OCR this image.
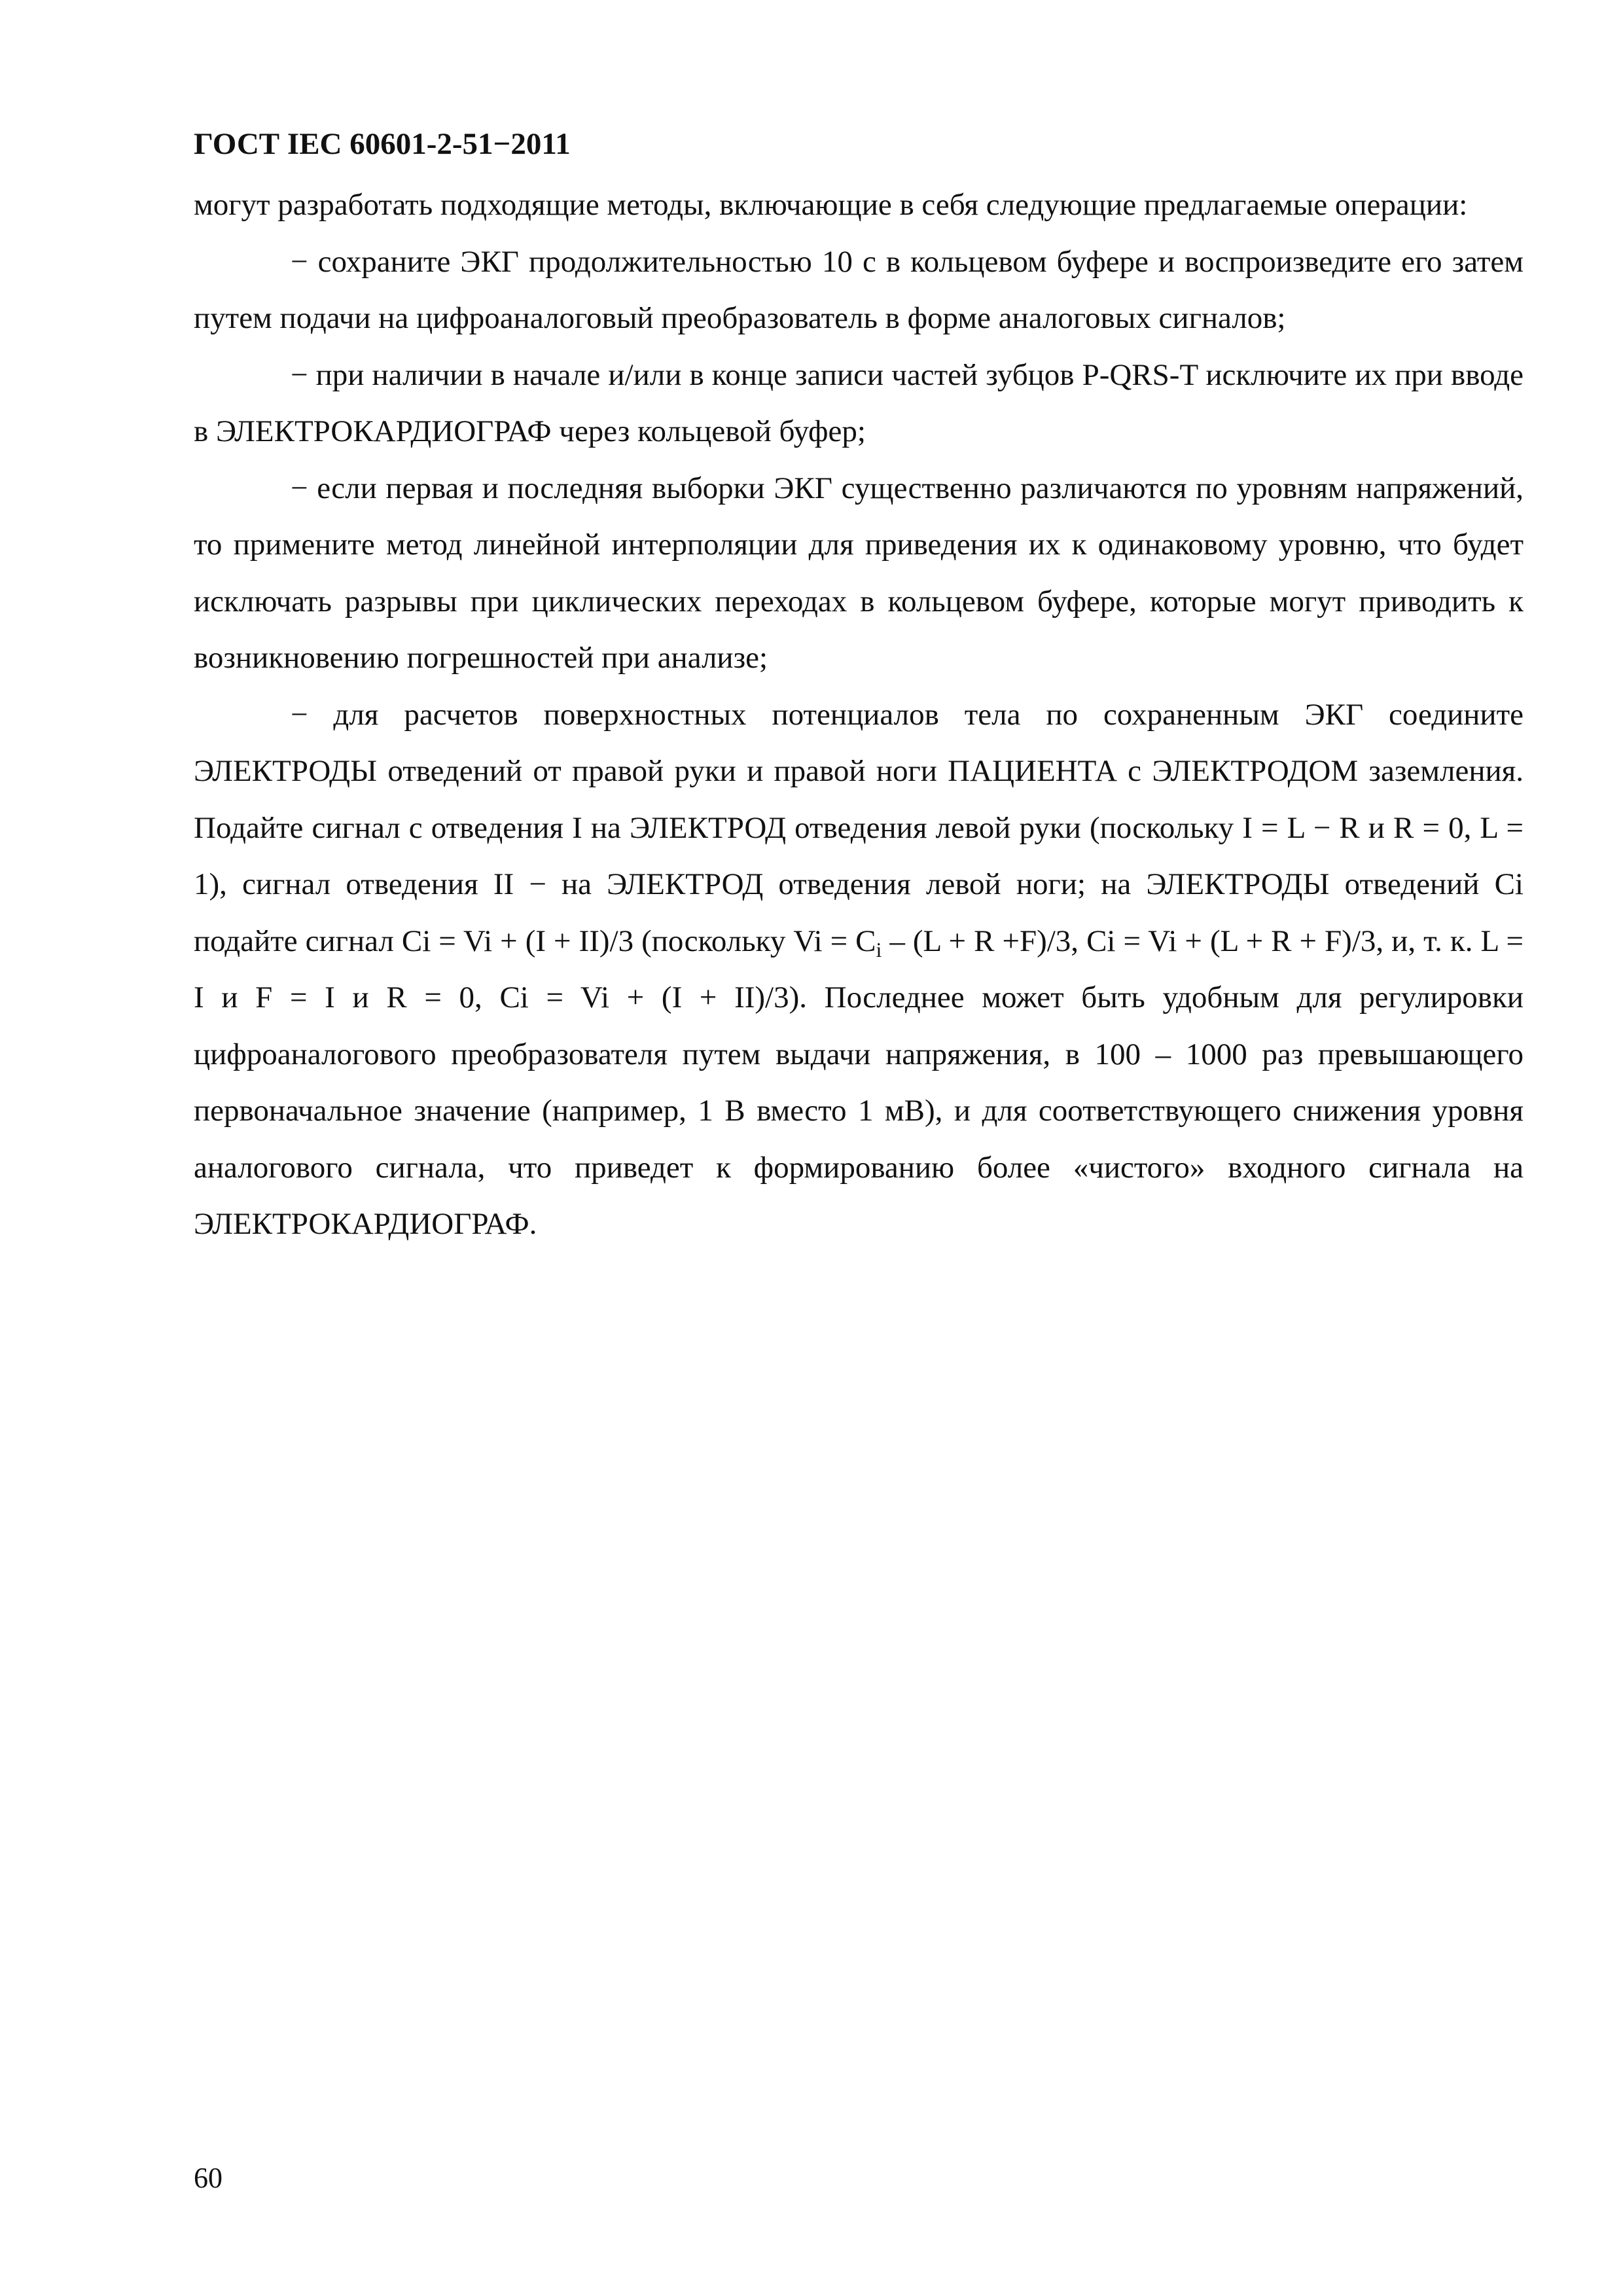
ГОСТ IEC 60601-2-51−2011

могут разработать подходящие методы, включающие в себя следующие предлагаемые операции:

− сохраните ЭКГ продолжительностью 10 с в кольцевом буфере и воспроизведите его затем путем подачи на цифроаналоговый преобразователь в форме аналоговых сигналов;

− при наличии в начале и/или в конце записи частей зубцов P-QRS-T исключите их при вводе в ЭЛЕКТРОКАРДИОГРАФ через кольцевой буфер;

− если первая и последняя выборки ЭКГ существенно различаются по уровням напряжений, то примените метод линейной интерполяции для приведения их к одинаковому уровню, что будет исключать разрывы при циклических переходах в кольцевом буфере, которые могут приводить к возникновению погрешностей при анализе;

− для расчетов поверхностных потенциалов тела по сохраненным ЭКГ соедините ЭЛЕКТРОДЫ отведений от правой руки и правой ноги ПАЦИЕНТА с ЭЛЕКТРОДОМ заземления. Подайте сигнал с отведения I на ЭЛЕКТРОД отведения левой руки (поскольку I = L − R и R = 0, L = 1), сигнал отведения II − на ЭЛЕКТРОД отведения левой ноги; на ЭЛЕКТРОДЫ отведений Ci подайте сигнал Ci = Vi + (I + II)/3 (поскольку $Vi = C_i - (L + R +F)/3$, Ci = Vi + (L + R + F)/3, и, т. к. L = I и F = I и R = 0, Ci = Vi + (I + II)/3). Последнее может быть удобным для регулировки цифроаналогового преобразователя путем выдачи напряжения, в 100 – 1000 раз превышающего первоначальное значение (например, 1 В вместо 1 мВ), и для соответствующего снижения уровня аналогового сигнала, что приведет к формированию более «чистого» входного сигнала на ЭЛЕКТРОКАРДИОГРАФ.

60
